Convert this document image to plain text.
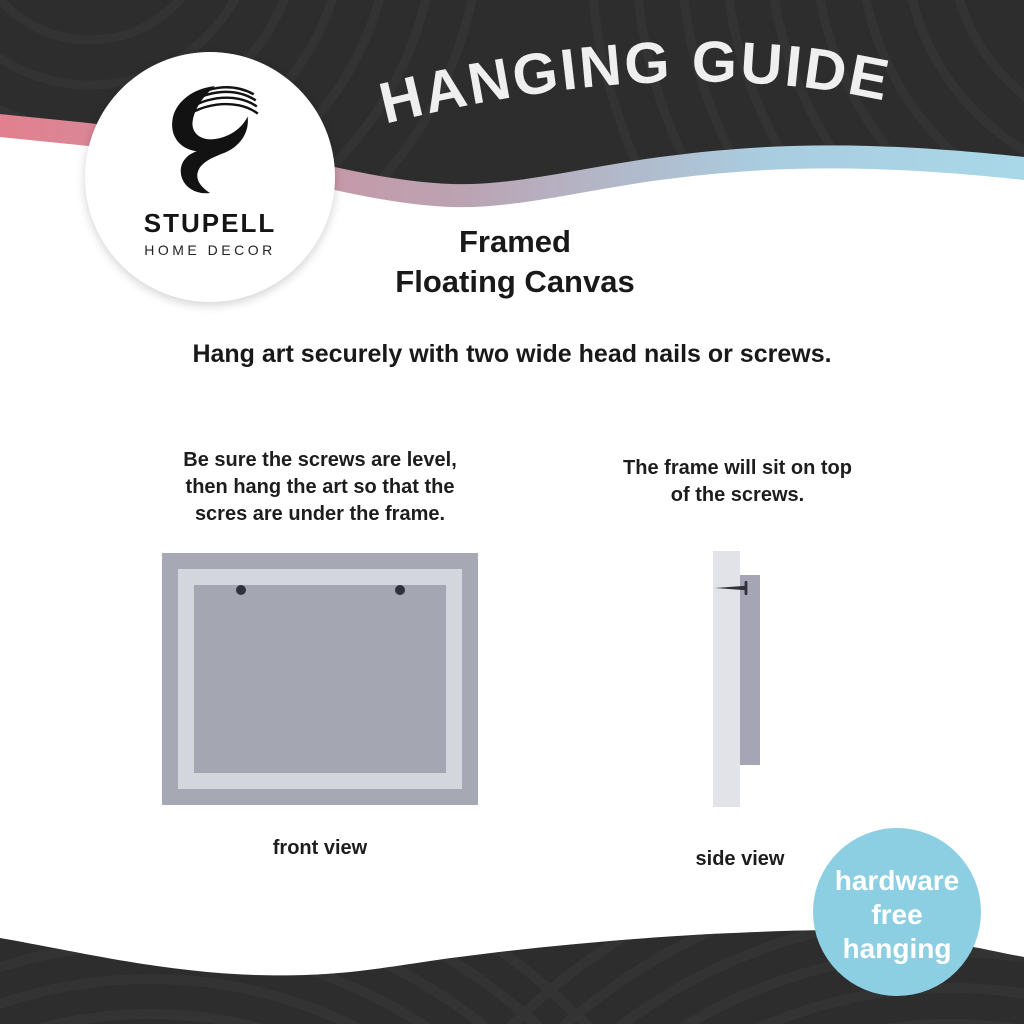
HANGING GUIDE
STUPELL
HOME DECOR	Framed
Floating Canvas
Hang art securely with two wide head nails or screws.
Be sure the screws are level,
then hang the art so that the
scres are under the frame.
The frame will sit on top
of the screws.
front view	side view
hardware
free
hanging
